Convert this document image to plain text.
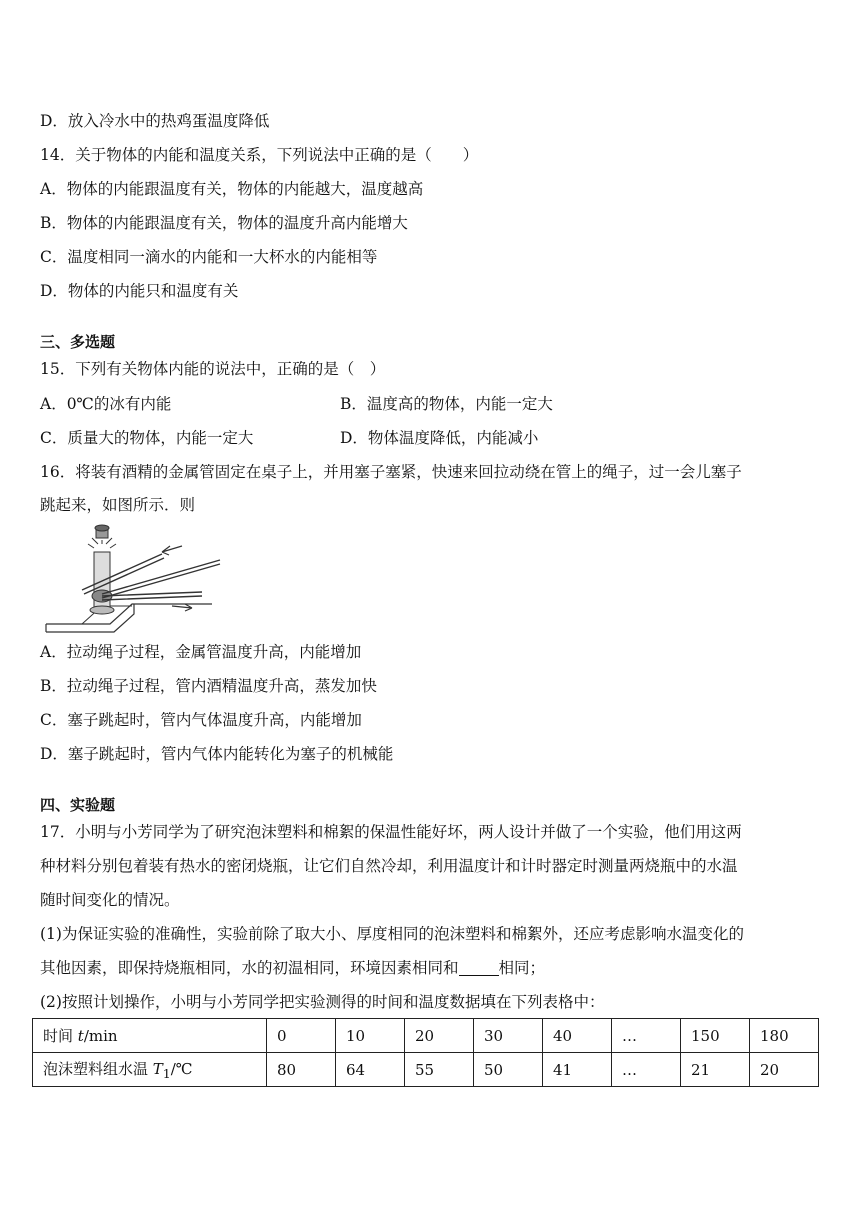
D．放入冷水中的热鸡蛋温度降低
14．关于物体的内能和温度关系，下列说法中正确的是（　　）
A．物体的内能跟温度有关，物体的内能越大，温度越高
B．物体的内能跟温度有关，物体的温度升高内能增大
C．温度相同一滴水的内能和一大杯水的内能相等
D．物体的内能只和温度有关
三、多选题
15．下列有关物体内能的说法中，正确的是（　）
A．0℃的冰有内能	B．温度高的物体，内能一定大
C．质量大的物体，内能一定大	D．物体温度降低，内能减小
16．将装有酒精的金属管固定在桌子上，并用塞子塞紧，快速来回拉动绕在管上的绳子，过一会儿塞子
跳起来，如图所示．则
A．拉动绳子过程，金属管温度升高，内能增加
B．拉动绳子过程，管内酒精温度升高，蒸发加快
C．塞子跳起时，管内气体温度升高，内能增加
D．塞子跳起时，管内气体内能转化为塞子的机械能
四、实验题
17．小明与小芳同学为了研究泡沫塑料和棉絮的保温性能好坏，两人设计并做了一个实验，他们用这两
种材料分别包着装有热水的密闭烧瓶，让它们自然冷却，利用温度计和计时器定时测量两烧瓶中的水温
随时间变化的情况。
(1)为保证实验的准确性，实验前除了取大小、厚度相同的泡沫塑料和棉絮外，还应考虑影响水温变化的
其他因素，即保持烧瓶相同，水的初温相同，环境因素相同和	相同；
(2)按照计划操作，小明与小芳同学把实验测得的时间和温度数据填在下列表格中：
时间 t/min	0	10	20	30	40	…	150	180
泡沫塑料组水温 $T_1/℃$	80	64	55	50	41	…	21	20
